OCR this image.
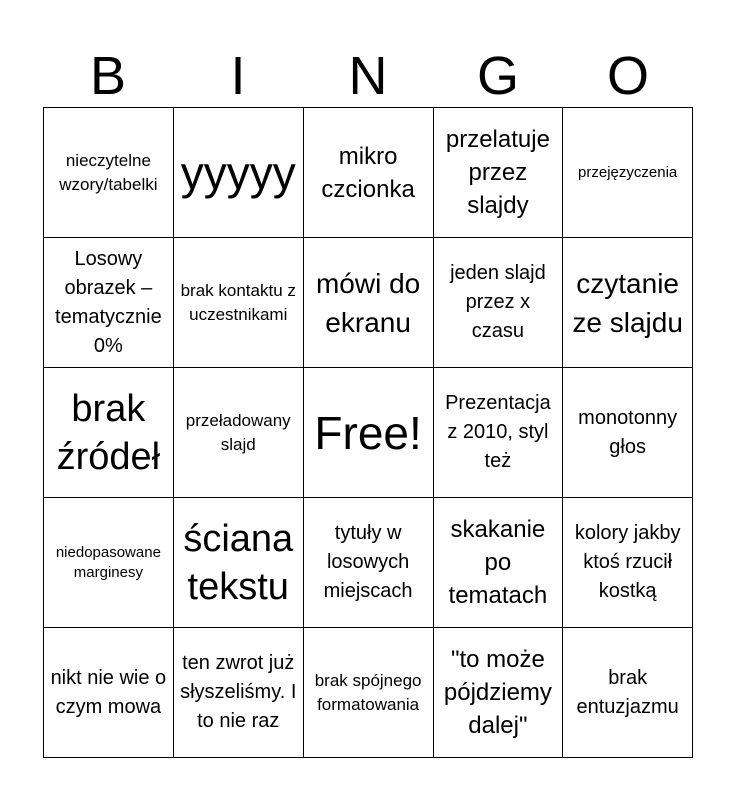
B	I	N	G	O
nieczytelne wzory/tabelki	yyyyy	mikro czcionka	przelatuje przez slajdy	przejęzyczenia

Losowy obrazek – tematycznie 0%	brak kontaktu z uczestnikami	mówi do ekranu	jeden slajd przez x czasu	czytanie ze slajdu

brak źródeł	przeładowany slajd	Free!	Prezentacja z 2010, styl też	monotonny głos

niedopasowane marginesy	ściana tekstu	tytuły w losowych miejscach	skakanie po tematach	kolory jakby ktoś rzucił kostką

nikt nie wie o czym mowa	ten zwrot już słyszeliśmy. I to nie raz	brak spójnego formatowania	"to może pójdziemy dalej"	brak entuzjazmu
